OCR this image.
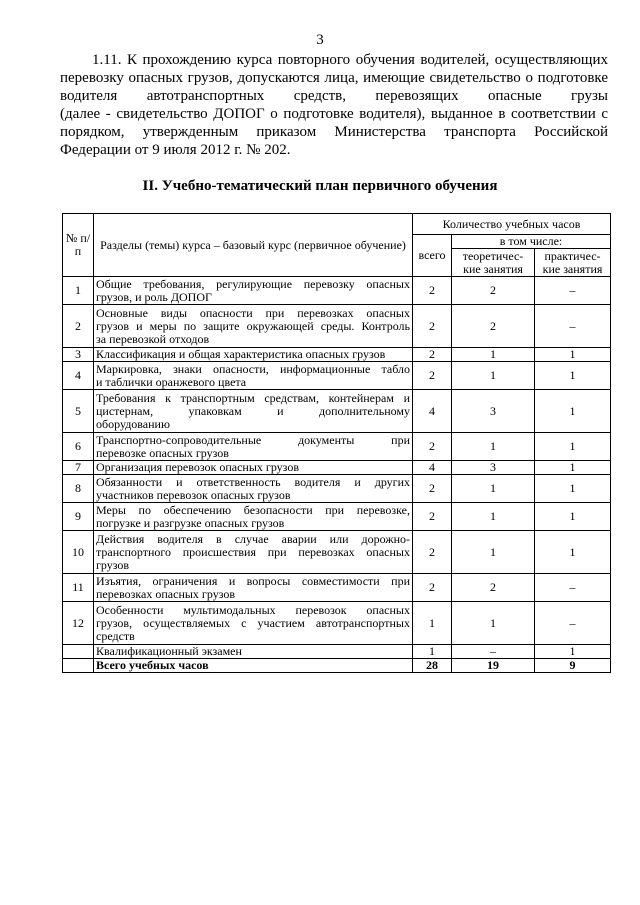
3

1.11. К прохождению курса повторного обучения водителей, осуществляющих

перевозку опасных грузов, допускаются лица, имеющие свидетельство о подготовке

водителя автотранспортных средств, перевозящих опасные грузы

(далее - свидетельство ДОПОГ о подготовке водителя), выданное в соответствии с

порядком, утвержденным приказом Министерства транспорта Российской

Федерации от 9 июля 2012 г. № 202.

II. Учебно-тематический план первичного обучения
№ п/п	Разделы (темы) курса – базовый курс (первичное обучение)	Количество учебных часов		
		всего	в том числе:	
			теоретичес-кие занятия	практичес-кие занятия
1	Общие требования, регулирующие перевозку опасных
грузов, и роль ДОПОГ	2	2	–
2	Основные виды опасности при перевозках опасных
грузов и меры по защите окружающей среды. Контроль
за перевозкой отходов	2	2	–
3	Классификация и общая характеристика опасных грузов	2	1	1
4	Маркировка, знаки опасности, информационные табло
и таблички оранжевого цвета	2	1	1
5	Требования к транспортным средствам, контейнерам и
цистернам, упаковкам и дополнительному
оборудованию	4	3	1
6	Транспортно-сопроводительные документы при
перевозке опасных грузов	2	1	1
7	Организация перевозок опасных грузов	4	3	1
8	Обязанности и ответственность водителя и других
участников перевозок опасных грузов	2	1	1
9	Меры по обеспечению безопасности при перевозке,
погрузке и разгрузке опасных грузов	2	1	1
10	Действия водителя в случае аварии или дорожно-
транспортного происшествия при перевозках опасных
грузов	2	1	1
11	Изъятия, ограничения и вопросы совместимости при
перевозках опасных грузов	2	2	–
12	Особенности мультимодальных перевозок опасных
грузов, осуществляемых с участием автотранспортных
средств	1	1	–

	Квалификационный экзамен	1	–	1
	Всего учебных часов	28	19	9
